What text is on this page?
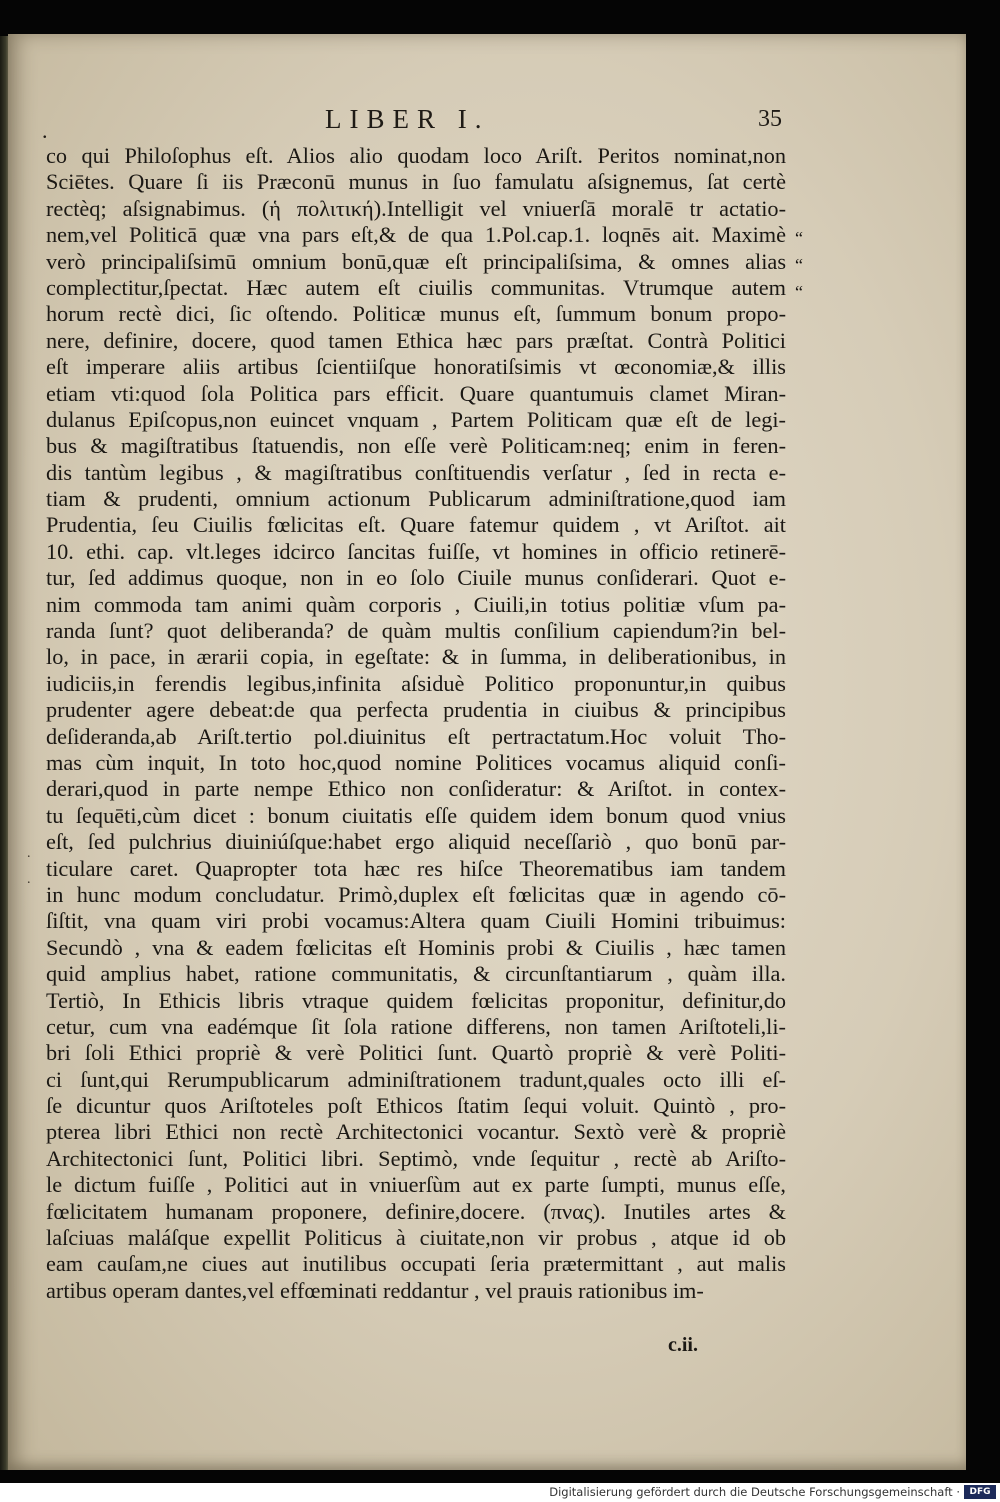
.	LIBER I.	35
co qui Philoſophus eſt. Alios alio quodam loco Ariſt. Peritos nominat,non
Sciētes. Quare ſi iis Præconū munus in ſuo famulatu aſsignemus, ſat certè
rectèq; aſsignabimus. (ἡ πολιτική).Intelligit vel vniuerſā moralē tr actatio-
nem,vel Politicā quæ vna pars eſt,& de qua 1.Pol.cap.1. loqnēs ait. Maximè
verò principaliſsimū omnium bonū,quæ eſt principaliſsima, & omnes alias
complectitur,ſpectat. Hæc autem eſt ciuilis communitas. Vtrumque autem
horum rectè dici, ſic oſtendo. Politicæ munus eſt, ſummum bonum propo-
nere, definire, docere, quod tamen Ethica hæc pars præſtat. Contrà Politici
eſt imperare aliis artibus ſcientiiſque honoratiſsimis vt œconomiæ,& illis
etiam vti:quod ſola Politica pars efficit. Quare quantumuis clamet Miran-
dulanus Epiſcopus,non euincet vnquam , Partem Politicam quæ eſt de legi-
bus & magiſtratibus ſtatuendis, non eſſe verè Politicam:neq; enim in feren-
dis tantùm legibus , & magiſtratibus conſtituendis verſatur , ſed in recta e-
tiam & prudenti, omnium actionum Publicarum adminiſtratione,quod iam
Prudentia, ſeu Ciuilis fœlicitas eſt. Quare fatemur quidem , vt Ariſtot. ait
10. ethi. cap. vlt.leges idcirco ſancitas fuiſſe, vt homines in officio retinerē-
tur, ſed addimus quoque, non in eo ſolo Ciuile munus conſiderari. Quot e-
nim commoda tam animi quàm corporis , Ciuili,in totius politiæ vſum pa-
randa ſunt? quot deliberanda? de quàm multis conſilium capiendum?in bel-
lo, in pace, in ærarii copia, in egeſtate: & in ſumma, in deliberationibus, in
iudiciis,in ferendis legibus,infinita aſsiduè Politico proponuntur,in quibus
prudenter agere debeat:de qua perfecta prudentia in ciuibus & principibus
deſideranda,ab Ariſt.tertio pol.diuinitus eſt pertractatum.Hoc voluit Tho-
mas cùm inquit, In toto hoc,quod nomine Politices vocamus aliquid conſi-
derari,quod in parte nempe Ethico non conſideratur: & Ariſtot. in contex-
tu ſequēti,cùm dicet : bonum ciuitatis eſſe quidem idem bonum quod vnius
eſt, ſed pulchrius diuiniúſque:habet ergo aliquid neceſſariò , quo bonū par-
ticulare caret. Quapropter tota hæc res hiſce Theorematibus iam tandem
in hunc modum concludatur. Primò,duplex eſt fœlicitas quæ in agendo cō-
ſiſtit, vna quam viri probi vocamus:Altera quam Ciuili Homini tribuimus:
Secundò , vna & eadem fœlicitas eſt Hominis probi & Ciuilis , hæc tamen
quid amplius habet, ratione communitatis, & circunſtantiarum , quàm illa.
Tertiò, In Ethicis libris vtraque quidem fœlicitas proponitur, definitur,do
cetur, cum vna eadémque ſit ſola ratione differens, non tamen Ariſtoteli,li-
bri ſoli Ethici propriè & verè Politici ſunt. Quartò propriè & verè Politi-
ci ſunt,qui Rerumpublicarum adminiſtrationem tradunt,quales octo illi eſ-
ſe dicuntur quos Ariſtoteles poſt Ethicos ſtatim ſequi voluit. Quintò , pro-
pterea libri Ethici non rectè Architectonici vocantur. Sextò verè & propriè
Architectonici ſunt, Politici libri. Septimò, vnde ſequitur , rectè ab Ariſto-
le dictum fuiſſe , Politici aut in vniuerſùm aut ex parte ſumpti, munus eſſe,
fœlicitatem humanam proponere, definire,docere. (πνας). Inutiles artes &
laſciuas maláſque expellit Politicus à ciuitate,non vir probus , atque id ob
eam cauſam,ne ciues aut inutilibus occupati ſeria prætermittant , aut malis
artibus operam dantes,vel effœminati reddantur , vel prauis rationibus im-
“
“
“
.
.
c.ii.
Digitalisierung gefördert durch die Deutsche Forschungsgemeinschaft ·	DFG
